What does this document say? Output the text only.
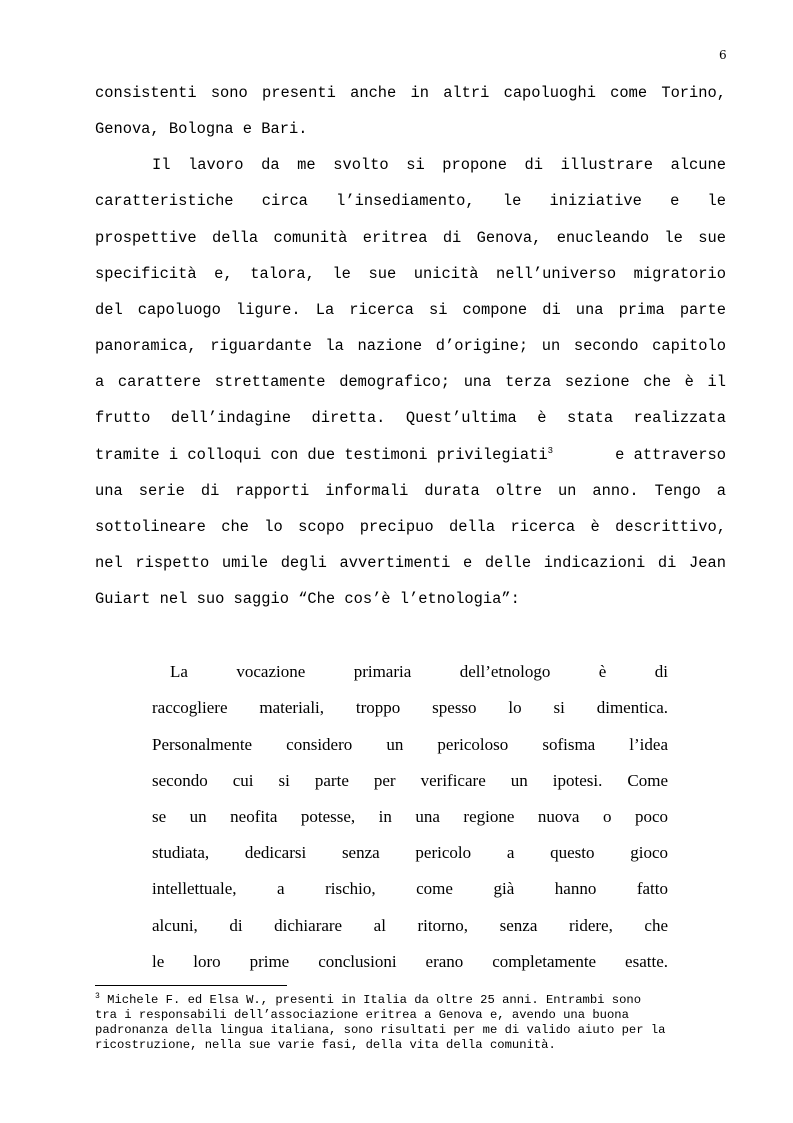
6
consistenti sono presenti anche in altri capoluoghi come Torino,
Genova, Bologna e Bari.
Il lavoro da me svolto si propone di illustrare alcune
caratteristiche circa l’insediamento, le iniziative e le
prospettive della comunità eritrea di Genova, enucleando le sue
specificità e, talora, le sue unicità nell’universo migratorio
del capoluogo ligure. La ricerca si compone di una prima parte
panoramica, riguardante la nazione d’origine; un secondo capitolo
a carattere strettamente demografico; una terza sezione che è il
frutto dell’indagine diretta. Quest’ultima è stata realizzata
tramite i colloqui con due testimoni privilegiati$^3$	e attraverso
una serie di rapporti informali durata oltre un anno. Tengo a
sottolineare che lo scopo precipuo della ricerca è descrittivo,
nel rispetto umile degli avvertimenti e delle indicazioni di Jean
Guiart nel suo saggio “Che cos’è l’etnologia”:
La vocazione primaria dell’etnologo è di
raccogliere materiali, troppo spesso lo si dimentica.
Personalmente considero un pericoloso sofisma l’idea
secondo cui si parte per verificare un ipotesi. Come
se un neofita potesse, in una regione nuova o poco
studiata, dedicarsi senza pericolo a questo gioco
intellettuale, a rischio, come già hanno fatto
alcuni, di dichiarare al ritorno, senza ridere, che
le loro prime conclusioni erano completamente esatte.
$^3$ Michele F. ed Elsa W., presenti in Italia da oltre 25 anni. Entrambi sono
tra i responsabili dell’associazione eritrea a Genova e, avendo una buona
padronanza della lingua italiana, sono risultati per me di valido aiuto per la
ricostruzione, nella sue varie fasi, della vita della comunità.
